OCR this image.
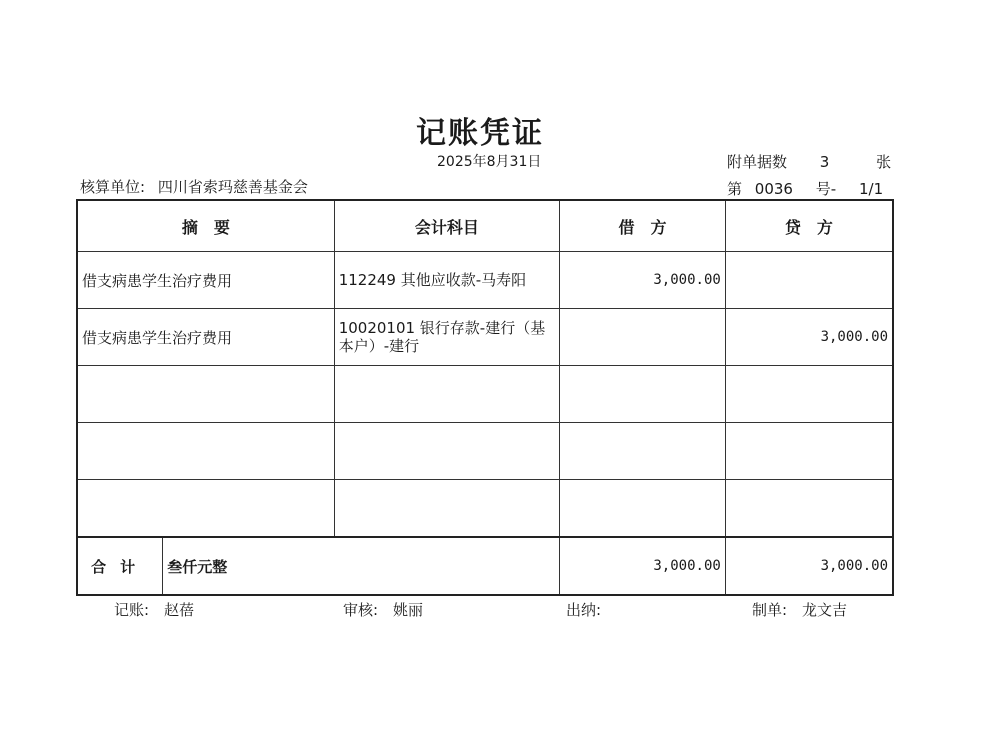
记账凭证
2025年8月31日	附单据数 3	张
核算单位: 四川省索玛慈善基金会	第 0036 号- 1/1
摘　要		会计科目	借　方	贷　方
借支病患学生治疗费用		112249 其他应收款-马寿阳	3,000.00	
借支病患学生治疗费用		10020101 银行存款-建行（基本户）-建行		3,000.00

合计	叁仟元整		3,000.00	3,000.00
记账:　赵蓓	审核:　姚丽	出纳:	制单:　龙文吉
